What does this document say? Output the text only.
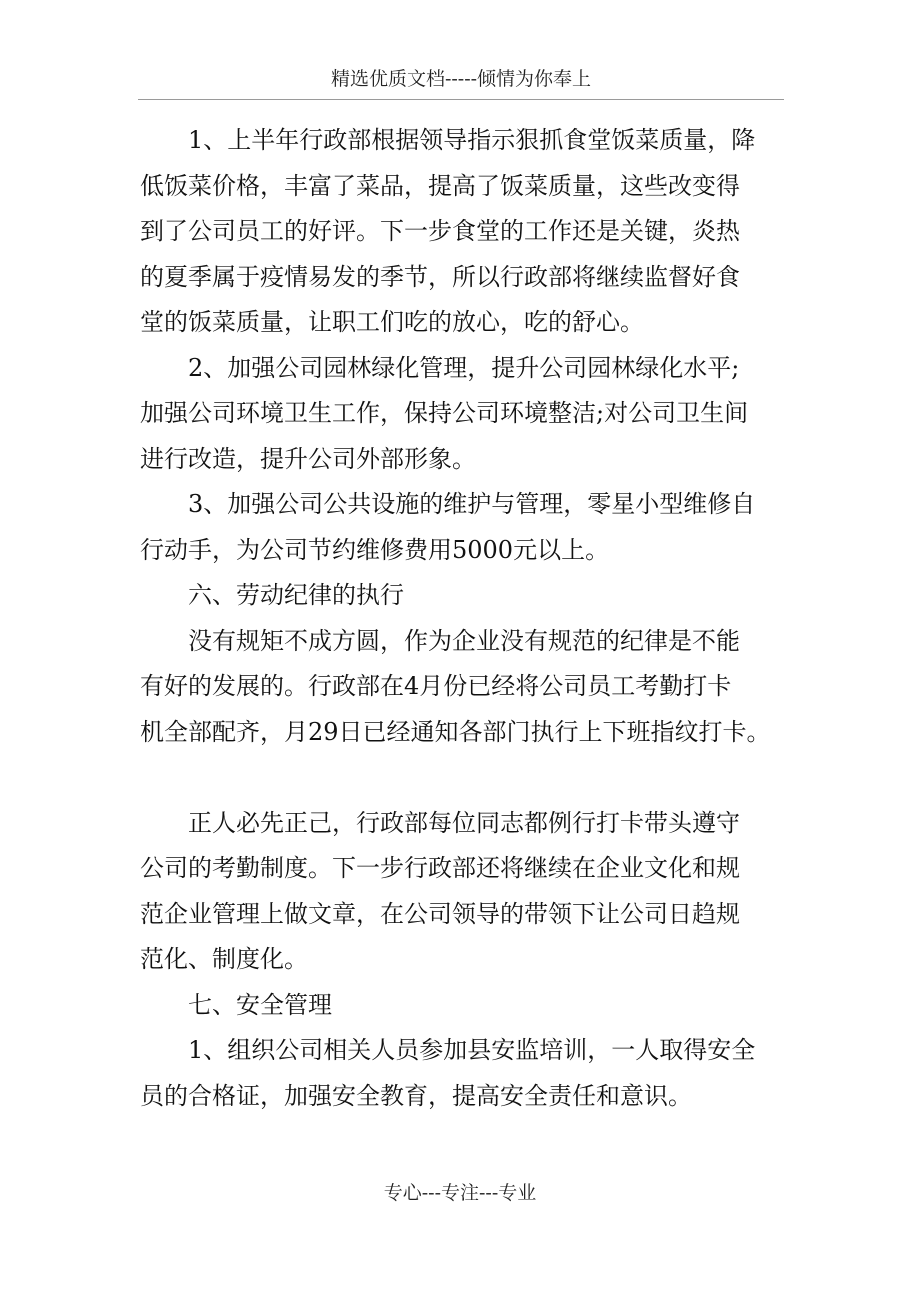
精选优质文档-----倾情为你奉上

1、上半年行政部根据领导指示狠抓食堂饭菜质量，降

低饭菜价格，丰富了菜品，提高了饭菜质量，这些改变得

到了公司员工的好评。下一步食堂的工作还是关键，炎热

的夏季属于疫情易发的季节，所以行政部将继续监督好食

堂的饭菜质量，让职工们吃的放心，吃的舒心。

2、加强公司园林绿化管理，提升公司园林绿化水平;

加强公司环境卫生工作，保持公司环境整洁;对公司卫生间

进行改造，提升公司外部形象。

3、加强公司公共设施的维护与管理，零星小型维修自

行动手，为公司节约维修费用5000元以上。

六、劳动纪律的执行

没有规矩不成方圆，作为企业没有规范的纪律是不能

有好的发展的。行政部在4月份已经将公司员工考勤打卡

机全部配齐，月29日已经通知各部门执行上下班指纹打卡。

正人必先正己，行政部每位同志都例行打卡带头遵守

公司的考勤制度。下一步行政部还将继续在企业文化和规

范企业管理上做文章，在公司领导的带领下让公司日趋规

范化、制度化。

七、安全管理

1、组织公司相关人员参加县安监培训，一人取得安全

员的合格证，加强安全教育，提高安全责任和意识。

专心---专注---专业
